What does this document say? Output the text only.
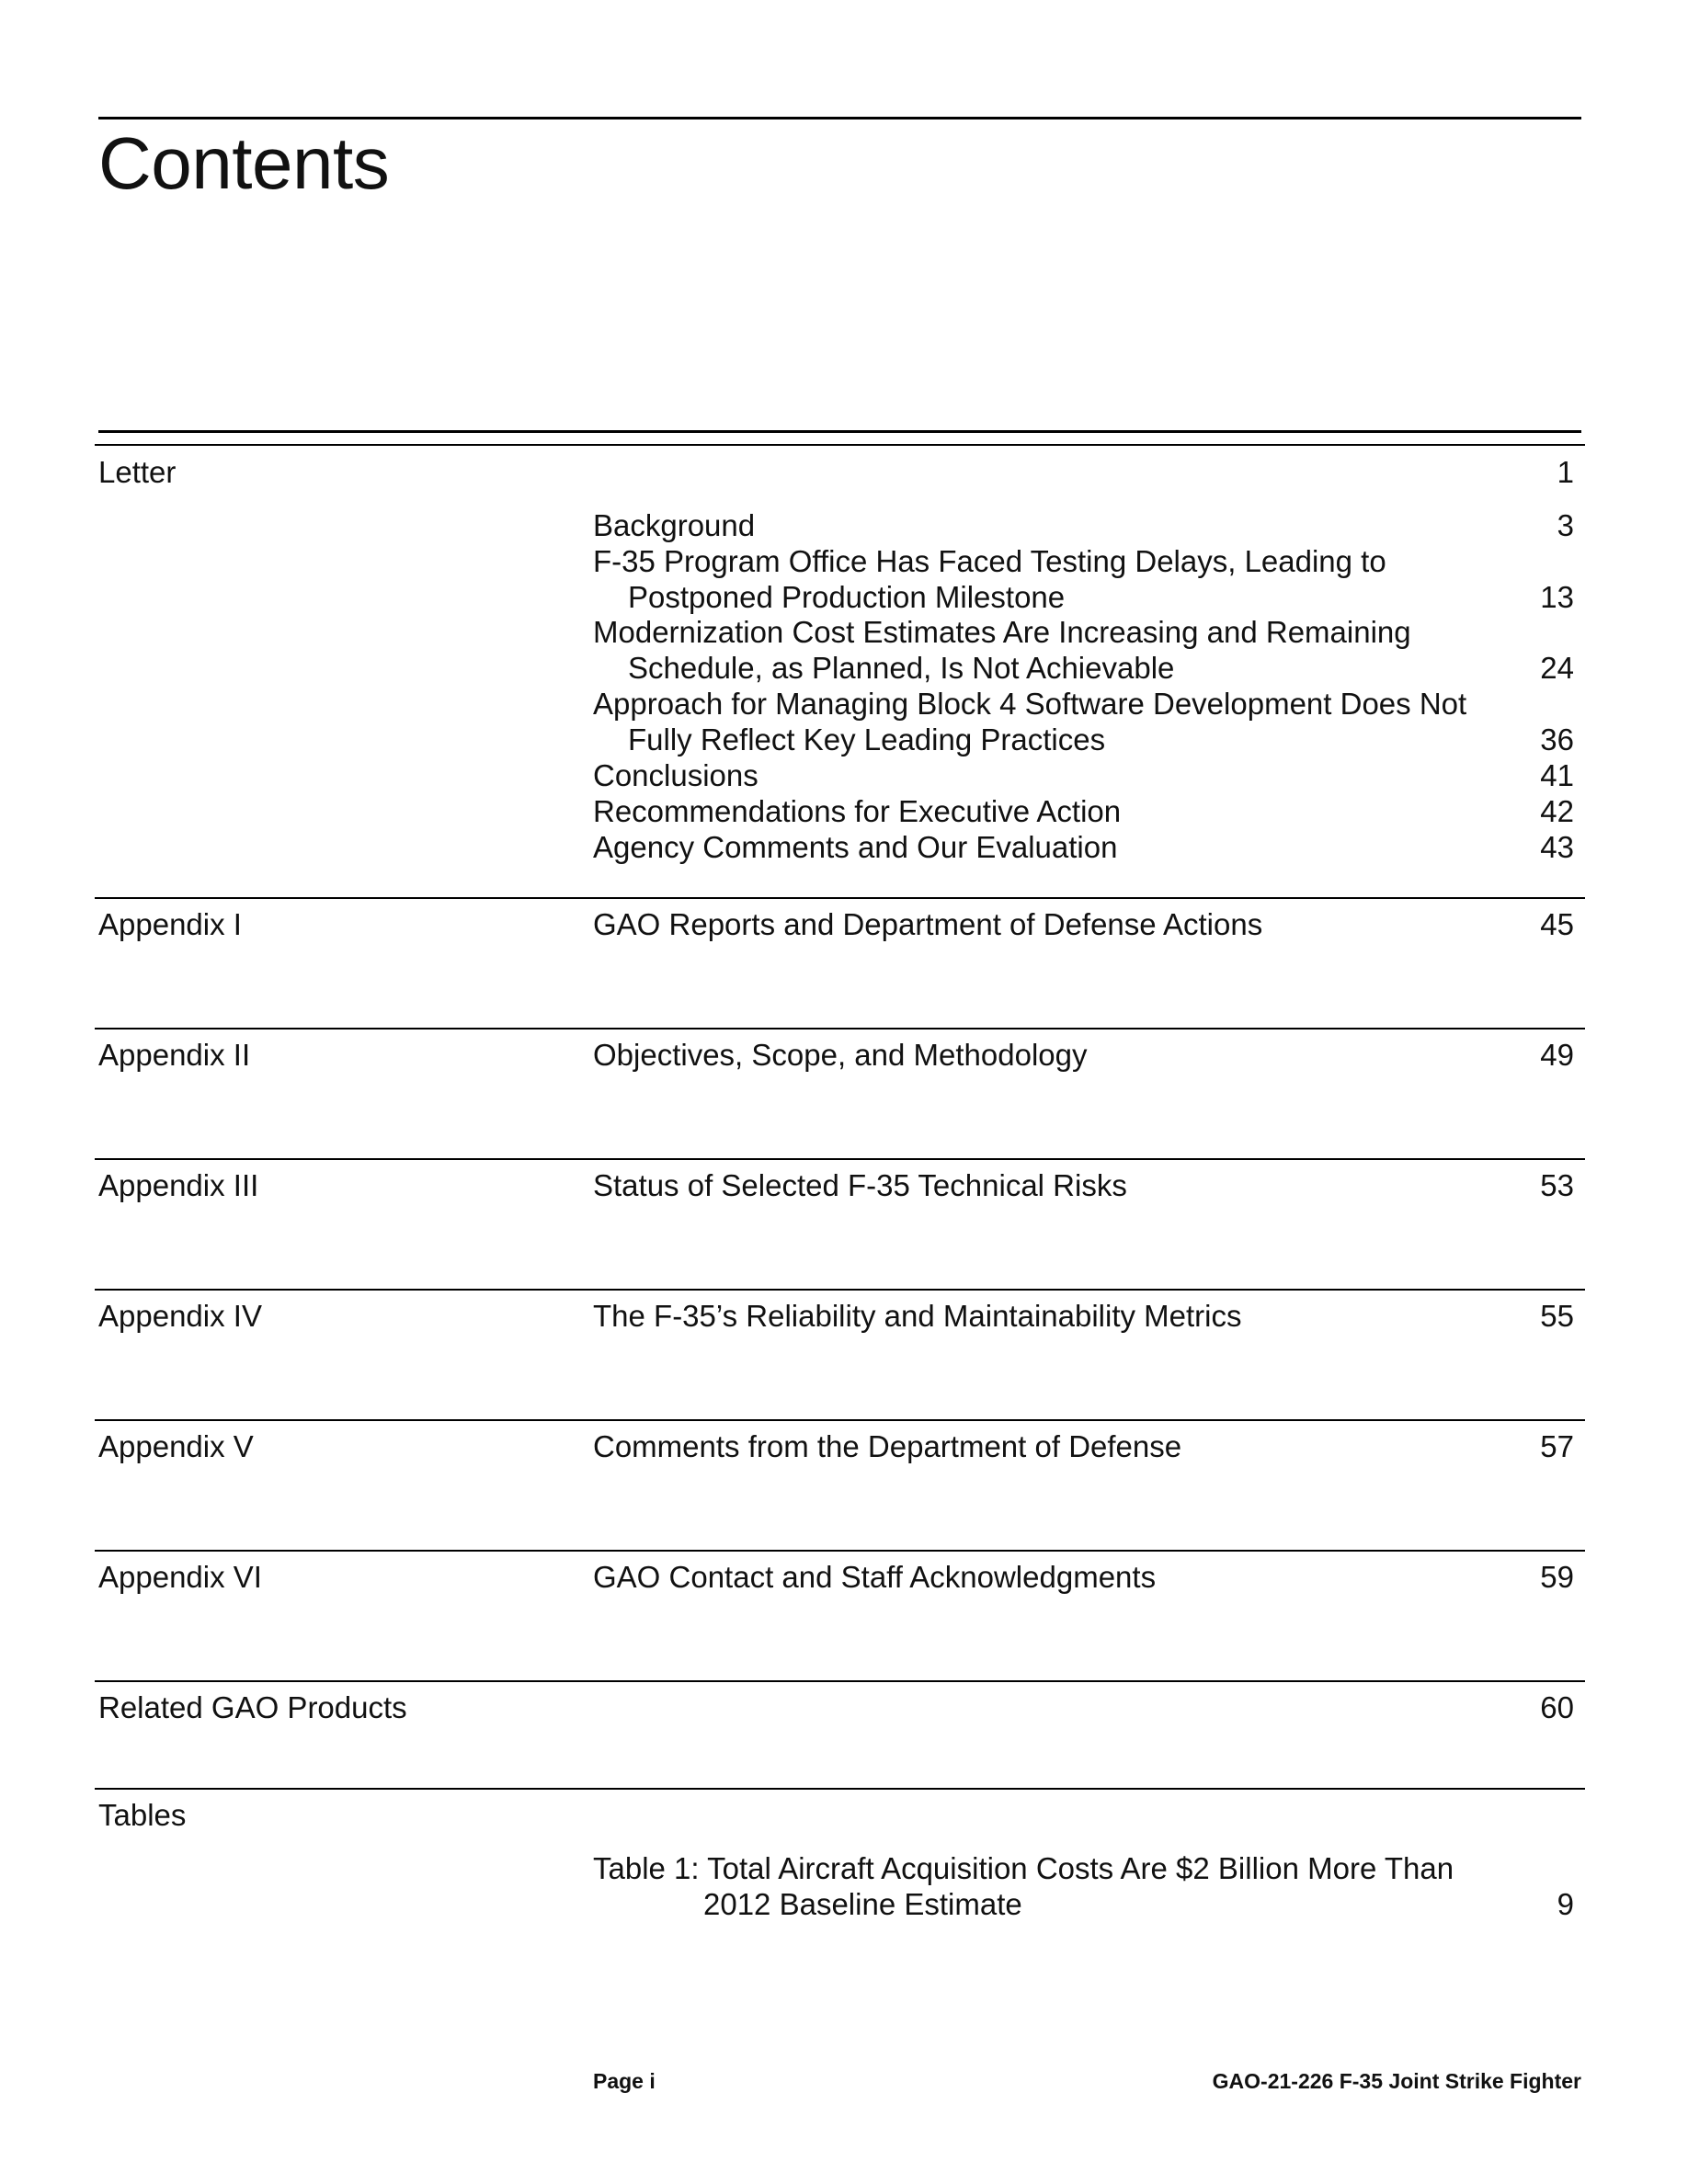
Contents
Letter	1
Background	3
F-35 Program Office Has Faced Testing Delays, Leading to
Postponed Production Milestone	13
Modernization Cost Estimates Are Increasing and Remaining
Schedule, as Planned, Is Not Achievable	24
Approach for Managing Block 4 Software Development Does Not
Fully Reflect Key Leading Practices	36
Conclusions	41
Recommendations for Executive Action	42
Agency Comments and Our Evaluation	43
Appendix I	GAO Reports and Department of Defense Actions	45
Appendix II	Objectives, Scope, and Methodology	49
Appendix III	Status of Selected F-35 Technical Risks	53
Appendix IV	The F-35’s Reliability and Maintainability Metrics	55
Appendix V	Comments from the Department of Defense	57
Appendix VI	GAO Contact and Staff Acknowledgments	59
Related GAO Products	60
Tables
Table 1: Total Aircraft Acquisition Costs Are $2 Billion More Than
2012 Baseline Estimate	9
Page i	GAO-21-226 F-35 Joint Strike Fighter
